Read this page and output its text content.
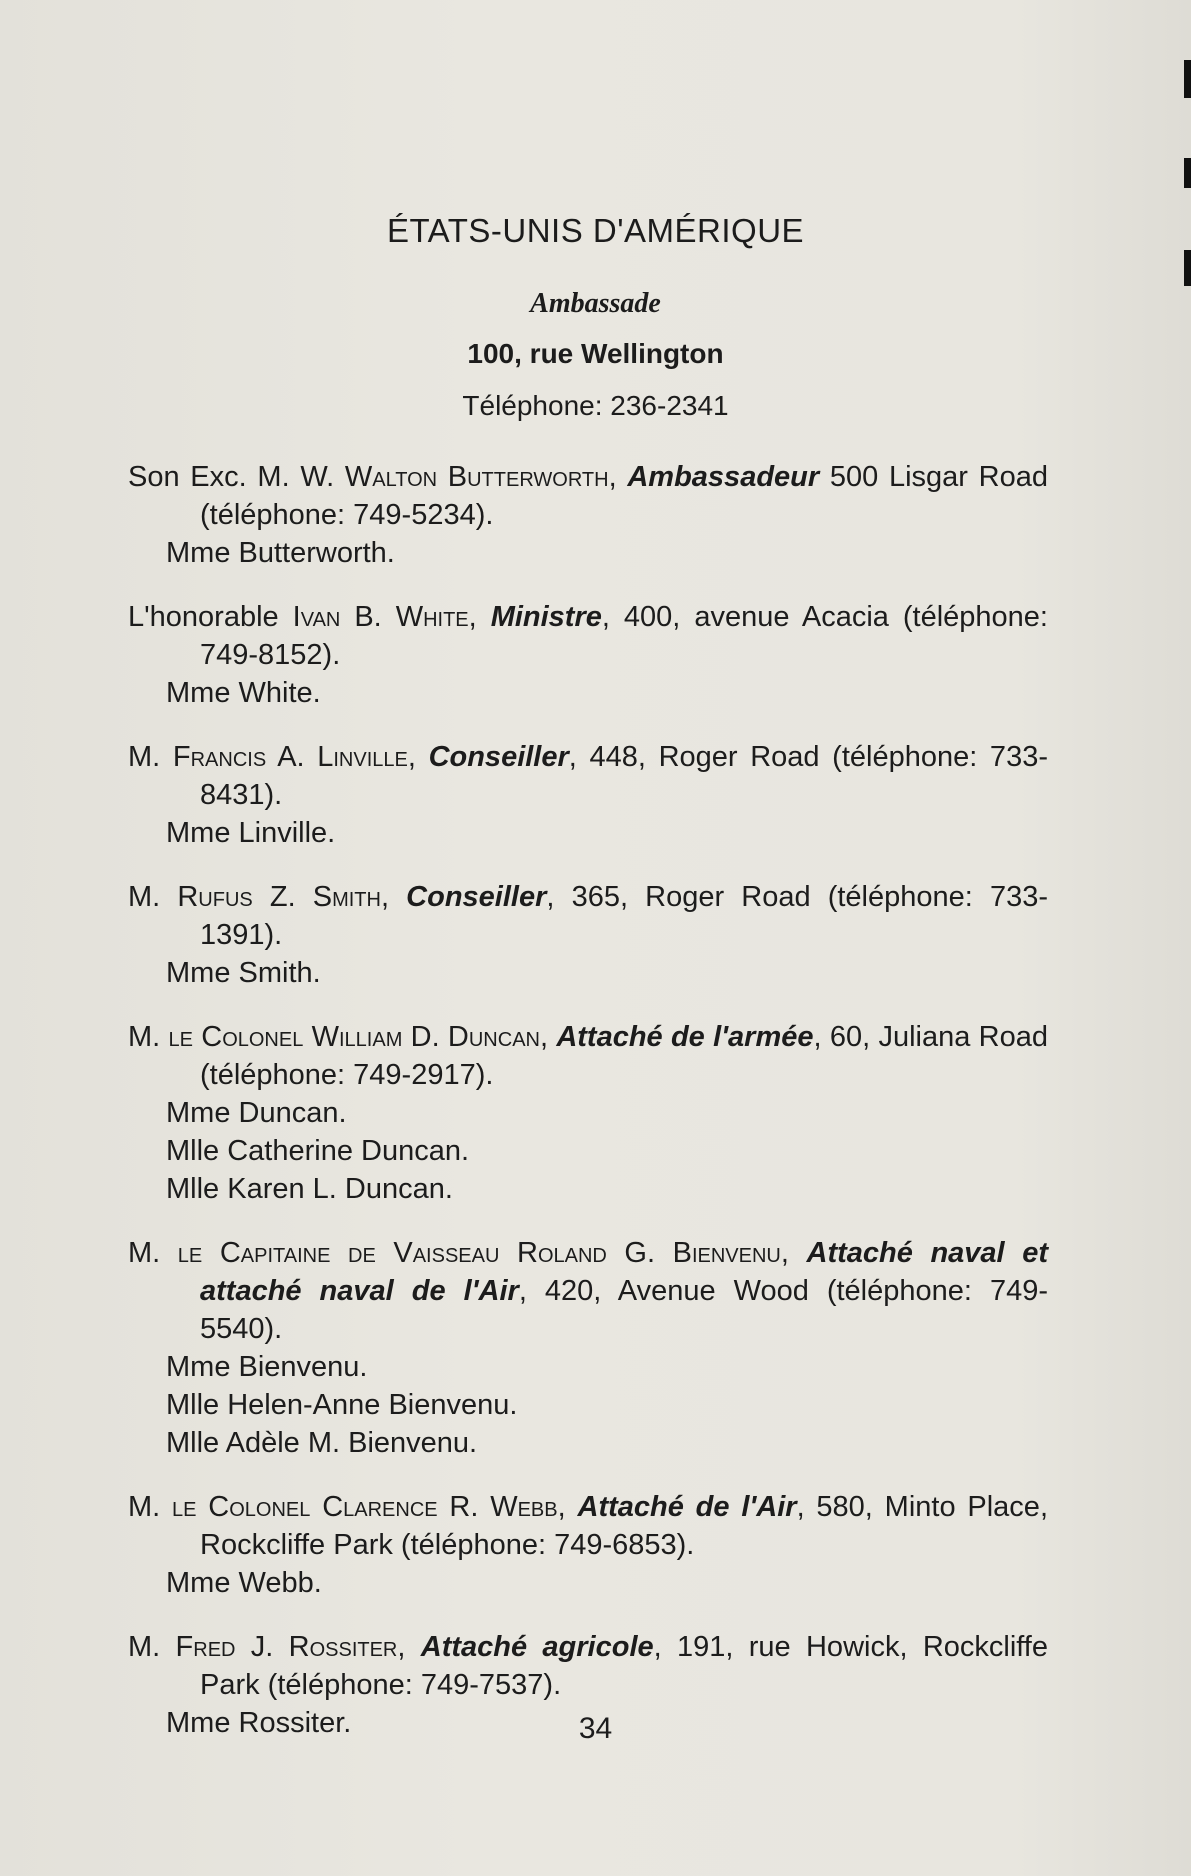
ÉTATS-UNIS D'AMÉRIQUE
Ambassade
100, rue Wellington
Téléphone: 236-2341
Son Exc. M. W. Walton Butterworth, Ambassadeur 500 Lisgar Road (téléphone: 749-5234).
Mme Butterworth.
L'honorable Ivan B. White, Ministre, 400, avenue Acacia (téléphone: 749-8152).
Mme White.
M. Francis A. Linville, Conseiller, 448, Roger Road (téléphone: 733-8431).
Mme Linville.
M. Rufus Z. Smith, Conseiller, 365, Roger Road (téléphone: 733-1391).
Mme Smith.
M. le Colonel William D. Duncan, Attaché de l'armée, 60, Juliana Road (téléphone: 749-2917).
Mme Duncan.
Mlle Catherine Duncan.
Mlle Karen L. Duncan.
M. le Capitaine de Vaisseau Roland G. Bienvenu, Attaché naval et attaché naval de l'Air, 420, Avenue Wood (téléphone: 749-5540).
Mme Bienvenu.
Mlle Helen-Anne Bienvenu.
Mlle Adèle M. Bienvenu.
M. le Colonel Clarence R. Webb, Attaché de l'Air, 580, Minto Place, Rockcliffe Park (téléphone: 749-6853).
Mme Webb.
M. Fred J. Rossiter, Attaché agricole, 191, rue Howick, Rockcliffe Park (téléphone: 749-7537).
Mme Rossiter.	34
